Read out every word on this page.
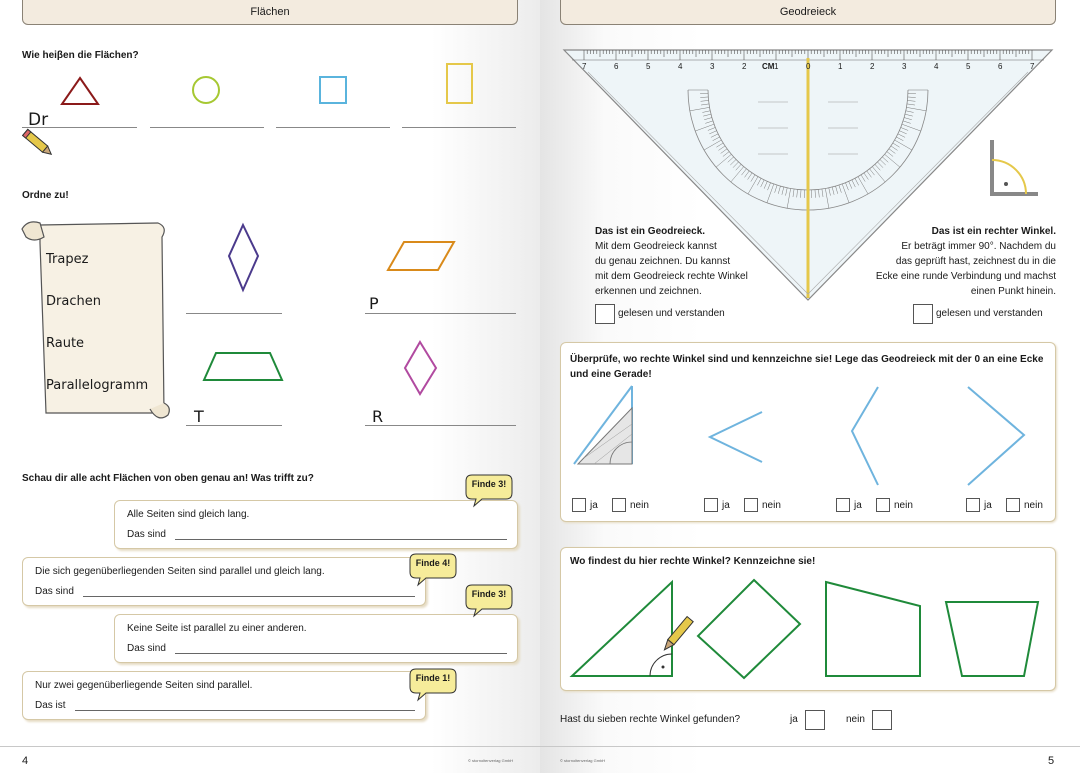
Flächen
Wie heiβen die Flächen?
Dr
Ordne zu!
Trapez
Drachen
Raute
Parallelogramm
P
T	R
Schau dir alle acht Flächen von oben genau an! Was trifft zu?
Alle Seiten sind gleich lang.
Das sind
Die sich gegenüberliegenden Seiten sind parallel und gleich lang.
Das sind
Keine Seite ist parallel zu einer anderen.
Das sind
Nur zwei gegenüberliegende Seiten sind parallel.
Das ist
Finde 3!
Finde 4!
Finde 3!
Finde 1!
4	© stornoltenverlag GmbH
Geodreieck
7	6	5	4	3	2	1	0	1	2	3	4	5	6	7
CM
Das ist ein Geodreieck.
Mit dem Geodreieck kannst
du genau zeichnen. Du kannst
mit dem Geodreieck rechte Winkel
erkennen und zeichnen.
Das ist ein rechter Winkel.
Er beträgt immer 90°. Nachdem du
das geprüft hast, zeichnest du in die
Ecke eine runde Verbindung und machst
einen Punkt hinein.
gelesen und verstanden	gelesen und verstanden
Überprüfe, wo rechte Winkel sind und kennzeichne sie! Lege das Geodreieck mit der 0 an eine Ecke und eine Gerade!
ja	nein	ja	nein	ja	nein	ja	nein
Wo findest du hier rechte Winkel? Kennzeichne sie!
Hast du sieben rechte Winkel gefunden?	ja	nein
© stornoltenverlag GmbH	5
